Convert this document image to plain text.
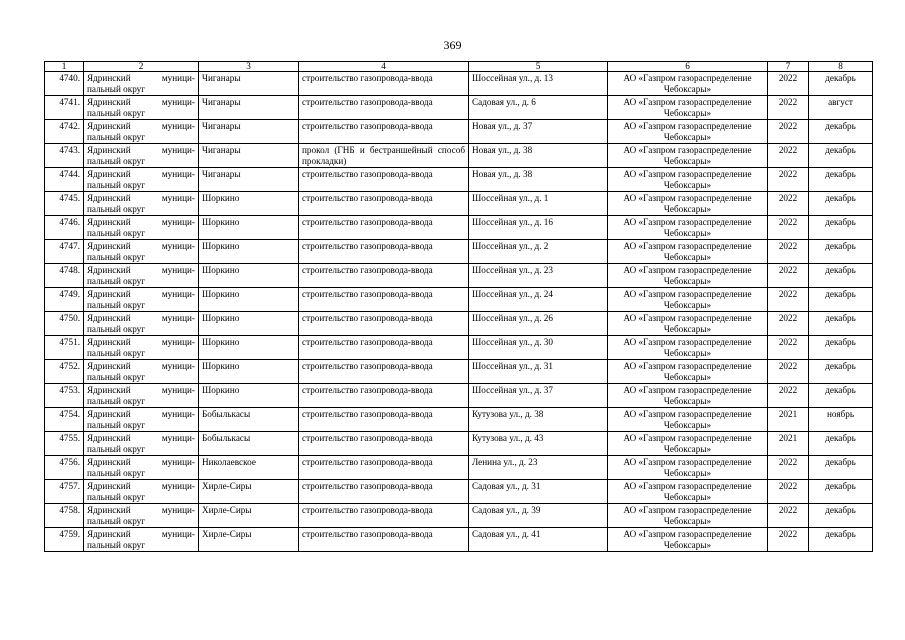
369
1	2	3	4	5	6	7	8
4740.	Ядринский муници-
пальный округ	Чиганары	строительство газопровода-ввода	Шоссейная ул., д. 13	АО «Газпром газораспределение
Чебоксары»	2022	декабрь
4741.	Ядринский муници-
пальный округ	Чиганары	строительство газопровода-ввода	Садовая ул., д. 6	АО «Газпром газораспределение
Чебоксары»	2022	август
4742.	Ядринский муници-
пальный округ	Чиганары	строительство газопровода-ввода	Новая ул., д. 37	АО «Газпром газораспределение
Чебоксары»	2022	декабрь
4743.	Ядринский муници-
пальный округ	Чиганары	прокол (ГНБ и бестраншейный способ прокладки)	Новая ул., д. 38	АО «Газпром газораспределение
Чебоксары»	2022	декабрь
4744.	Ядринский муници-
пальный округ	Чиганары	строительство газопровода-ввода	Новая ул., д. 38	АО «Газпром газораспределение
Чебоксары»	2022	декабрь
4745.	Ядринский муници-
пальный округ	Шоркино	строительство газопровода-ввода	Шоссейная ул., д. 1	АО «Газпром газораспределение
Чебоксары»	2022	декабрь
4746.	Ядринский муници-
пальный округ	Шоркино	строительство газопровода-ввода	Шоссейная ул., д. 16	АО «Газпром газораспределение
Чебоксары»	2022	декабрь
4747.	Ядринский муници-
пальный округ	Шоркино	строительство газопровода-ввода	Шоссейная ул., д. 2	АО «Газпром газораспределение
Чебоксары»	2022	декабрь
4748.	Ядринский муници-
пальный округ	Шоркино	строительство газопровода-ввода	Шоссейная ул., д. 23	АО «Газпром газораспределение
Чебоксары»	2022	декабрь
4749.	Ядринский муници-
пальный округ	Шоркино	строительство газопровода-ввода	Шоссейная ул., д. 24	АО «Газпром газораспределение
Чебоксары»	2022	декабрь
4750.	Ядринский муници-
пальный округ	Шоркино	строительство газопровода-ввода	Шоссейная ул., д. 26	АО «Газпром газораспределение
Чебоксары»	2022	декабрь
4751.	Ядринский муници-
пальный округ	Шоркино	строительство газопровода-ввода	Шоссейная ул., д. 30	АО «Газпром газораспределение
Чебоксары»	2022	декабрь
4752.	Ядринский муници-
пальный округ	Шоркино	строительство газопровода-ввода	Шоссейная ул., д. 31	АО «Газпром газораспределение
Чебоксары»	2022	декабрь
4753.	Ядринский муници-
пальный округ	Шоркино	строительство газопровода-ввода	Шоссейная ул., д. 37	АО «Газпром газораспределение
Чебоксары»	2022	декабрь
4754.	Ядринский муници-
пальный округ	Бобылькасы	строительство газопровода-ввода	Кутузова ул., д. 38	АО «Газпром газораспределение
Чебоксары»	2021	ноябрь
4755.	Ядринский муници-
пальный округ	Бобылькасы	строительство газопровода-ввода	Кутузова ул., д. 43	АО «Газпром газораспределение
Чебоксары»	2021	декабрь
4756.	Ядринский муници-
пальный округ	Николаевское	строительство газопровода-ввода	Ленина ул., д. 23	АО «Газпром газораспределение
Чебоксары»	2022	декабрь
4757.	Ядринский муници-
пальный округ	Хирле-Сиры	строительство газопровода-ввода	Садовая ул., д. 31	АО «Газпром газораспределение
Чебоксары»	2022	декабрь
4758.	Ядринский муници-
пальный округ	Хирле-Сиры	строительство газопровода-ввода	Садовая ул., д. 39	АО «Газпром газораспределение
Чебоксары»	2022	декабрь
4759.	Ядринский муници-
пальный округ	Хирле-Сиры	строительство газопровода-ввода	Садовая ул., д. 41	АО «Газпром газораспределение
Чебоксары»	2022	декабрь
